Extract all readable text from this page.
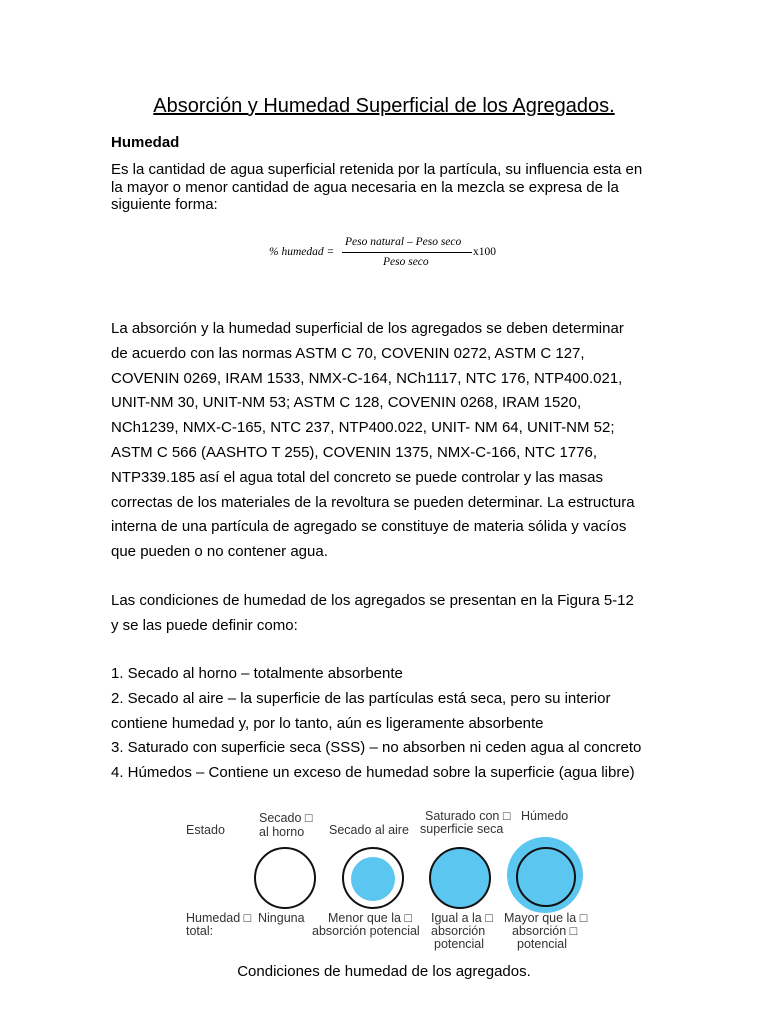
Absorción y Humedad Superficial de los Agregados.
Humedad
Es la cantidad de agua superficial retenida por la partícula, su influencia esta en
la mayor o menor cantidad de agua necesaria en la mezcla se expresa de la
siguiente forma:
% humedad =
Peso natural – Peso seco
Peso seco
x100
La absorción y la humedad superficial de los agregados se deben determinar
de acuerdo con las normas ASTM C 70, COVENIN 0272, ASTM C 127,
COVENIN 0269, IRAM 1533, NMX-C-164, NCh1117, NTC 176, NTP400.021,
UNIT-NM 30, UNIT-NM 53; ASTM C 128, COVENIN 0268, IRAM 1520,
NCh1239, NMX-C-165, NTC 237, NTP400.022, UNIT- NM 64, UNIT-NM 52;
ASTM C 566 (AASHTO T 255), COVENIN 1375, NMX-C-166, NTC 1776,
NTP339.185 así el agua total del concreto se puede controlar y las masas
correctas de los materiales de la revoltura se pueden determinar. La estructura
interna de una partícula de agregado se constituye de materia sólida y vacíos
que pueden o no contener agua.
Las condiciones de humedad de los agregados se presentan en la Figura 5-12
y se las puede definir como:
1. Secado al horno – totalmente absorbente
2. Secado al aire – la superficie de las partículas está seca, pero su interior
contiene humedad y, por lo tanto, aún es ligeramente absorbente
3. Saturado con superficie seca (SSS) – no absorben ni ceden agua al concreto
4. Húmedos – Contiene un exceso de humedad sobre la superficie (agua libre)
Estado
Secado □
al horno Secado al aire
Saturado con □
superficie seca
Húmedo
Humedad □
total:
Ninguna Menor que la □
absorción potencial
Igual a la □
absorción
potencial
Mayor que la □
absorción □
potencial
Condiciones de humedad de los agregados.
